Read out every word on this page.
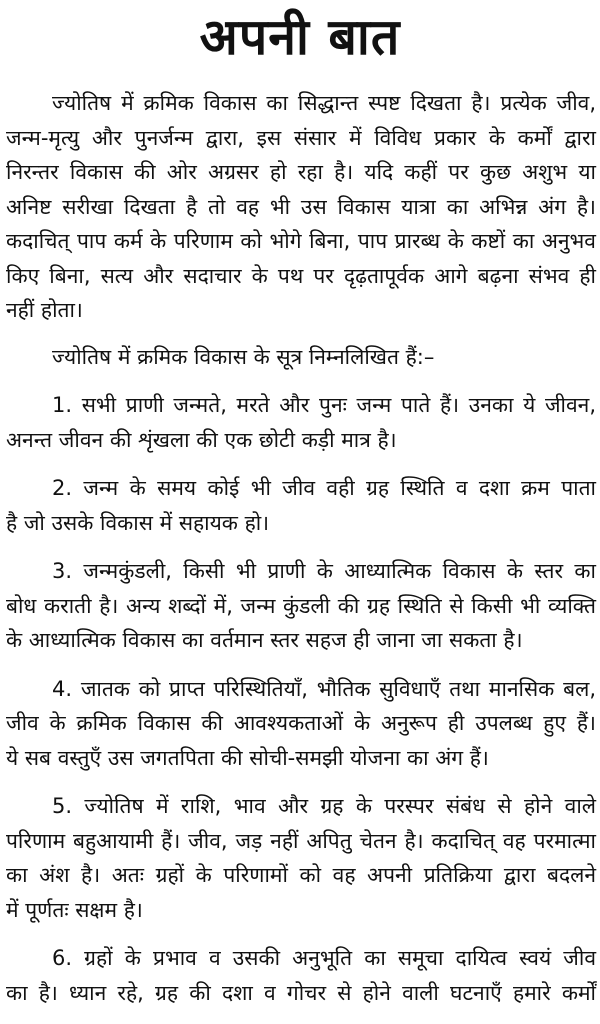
अपनी बात
ज्योतिष में क्रमिक विकास का सिद्धान्त स्पष्ट दिखता है। प्रत्येक जीव,
जन्म-मृत्यु और पुनर्जन्म द्वारा, इस संसार में विविध प्रकार के कर्मों द्वारा
निरन्तर विकास की ओर अग्रसर हो रहा है। यदि कहीं पर कुछ अशुभ या
अनिष्ट सरीखा दिखता है तो वह भी उस विकास यात्रा का अभिन्न अंग है।
कदाचित् पाप कर्म के परिणाम को भोगे बिना, पाप प्रारब्ध के कष्टों का अनुभव
किए बिना, सत्य और सदाचार के पथ पर दृढ़तापूर्वक आगे बढ़ना संभव ही
नहीं होता।
ज्योतिष में क्रमिक विकास के सूत्र निम्नलिखित हैं:–
1. सभी प्राणी जन्मते, मरते और पुनः जन्म पाते हैं। उनका ये जीवन,
अनन्त जीवन की शृंखला की एक छोटी कड़ी मात्र है।
2. जन्म के समय कोई भी जीव वही ग्रह स्थिति व दशा क्रम पाता
है जो उसके विकास में सहायक हो।
3. जन्मकुंडली, किसी भी प्राणी के आध्यात्मिक विकास के स्तर का
बोध कराती है। अन्य शब्दों में, जन्म कुंडली की ग्रह स्थिति से किसी भी व्यक्ति
के आध्यात्मिक विकास का वर्तमान स्तर सहज ही जाना जा सकता है।
4. जातक को प्राप्त परिस्थितियाँ, भौतिक सुविधाएँ तथा मानसिक बल,
जीव के क्रमिक विकास की आवश्यकताओं के अनुरूप ही उपलब्ध हुए हैं।
ये सब वस्तुएँ उस जगतपिता की सोची-समझी योजना का अंग हैं।
5. ज्योतिष में राशि, भाव और ग्रह के परस्पर संबंध से होने वाले
परिणाम बहुआयामी हैं। जीव, जड़ नहीं अपितु चेतन है। कदाचित् वह परमात्मा
का अंश है। अतः ग्रहों के परिणामों को वह अपनी प्रतिक्रिया द्वारा बदलने
में पूर्णतः सक्षम है।
6. ग्रहों के प्रभाव व उसकी अनुभूति का समूचा दायित्व स्वयं जीव
का है। ध्यान रहे, ग्रह की दशा व गोचर से होने वाली घटनाएँ हमारे कर्मों
